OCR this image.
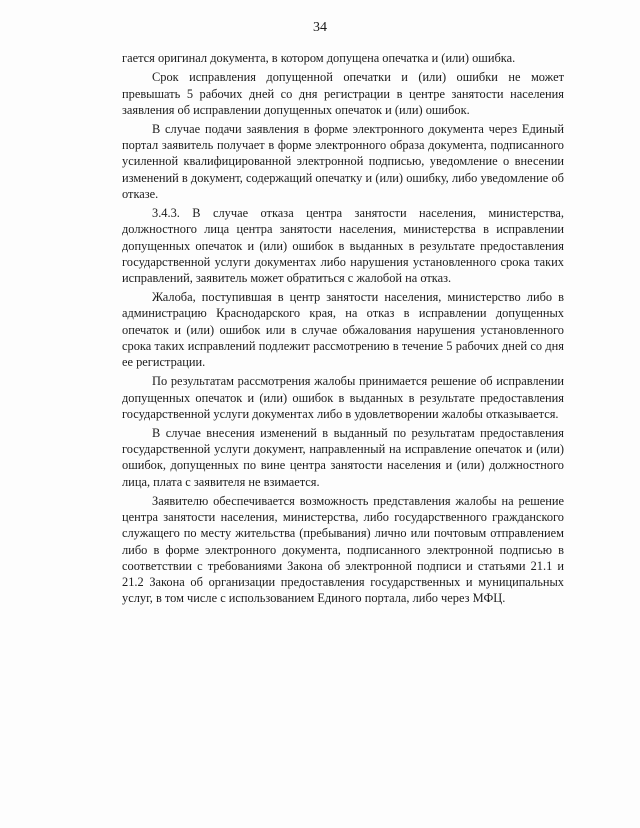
34

гается оригинал документа, в котором допущена опечатка и (или) ошибка.

Срок исправления допущенной опечатки и (или) ошибки не может превышать 5 рабочих дней со дня регистрации в центре занятости населения заявления об исправлении допущенных опечаток и (или) ошибок.

В случае подачи заявления в форме электронного документа через Единый портал заявитель получает в форме электронного образа документа, подписанного усиленной квалифицированной электронной подписью, уведомление о внесении изменений в документ, содержащий опечатку и (или) ошибку, либо уведомление об отказе.

3.4.3. В случае отказа центра занятости населения, министерства, должностного лица центра занятости населения, министерства в исправлении допущенных опечаток и (или) ошибок в выданных в результате предоставления государственной услуги документах либо нарушения установленного срока таких исправлений, заявитель может обратиться с жалобой на отказ.

Жалоба, поступившая в центр занятости населения, министерство либо в администрацию Краснодарского края, на отказ в исправлении допущенных опечаток и (или) ошибок или в случае обжалования нарушения установленного срока таких исправлений подлежит рассмотрению в течение 5 рабочих дней со дня ее регистрации.

По результатам рассмотрения жалобы принимается решение об исправлении допущенных опечаток и (или) ошибок в выданных в результате предоставления государственной услуги документах либо в удовлетворении жалобы отказывается.

В случае внесения изменений в выданный по результатам предоставления государственной услуги документ, направленный на исправление опечаток и (или) ошибок, допущенных по вине центра занятости населения и (или) должностного лица, плата с заявителя не взимается.

Заявителю обеспечивается возможность представления жалобы на решение центра занятости населения, министерства, либо государственного гражданского служащего по месту жительства (пребывания) лично или почтовым отправлением либо в форме электронного документа, подписанного электронной подписью в соответствии с требованиями Закона об электронной подписи и статьями 21.1 и 21.2 Закона об организации предоставления государственных и муниципальных услуг, в том числе с использованием Единого портала, либо через МФЦ.
